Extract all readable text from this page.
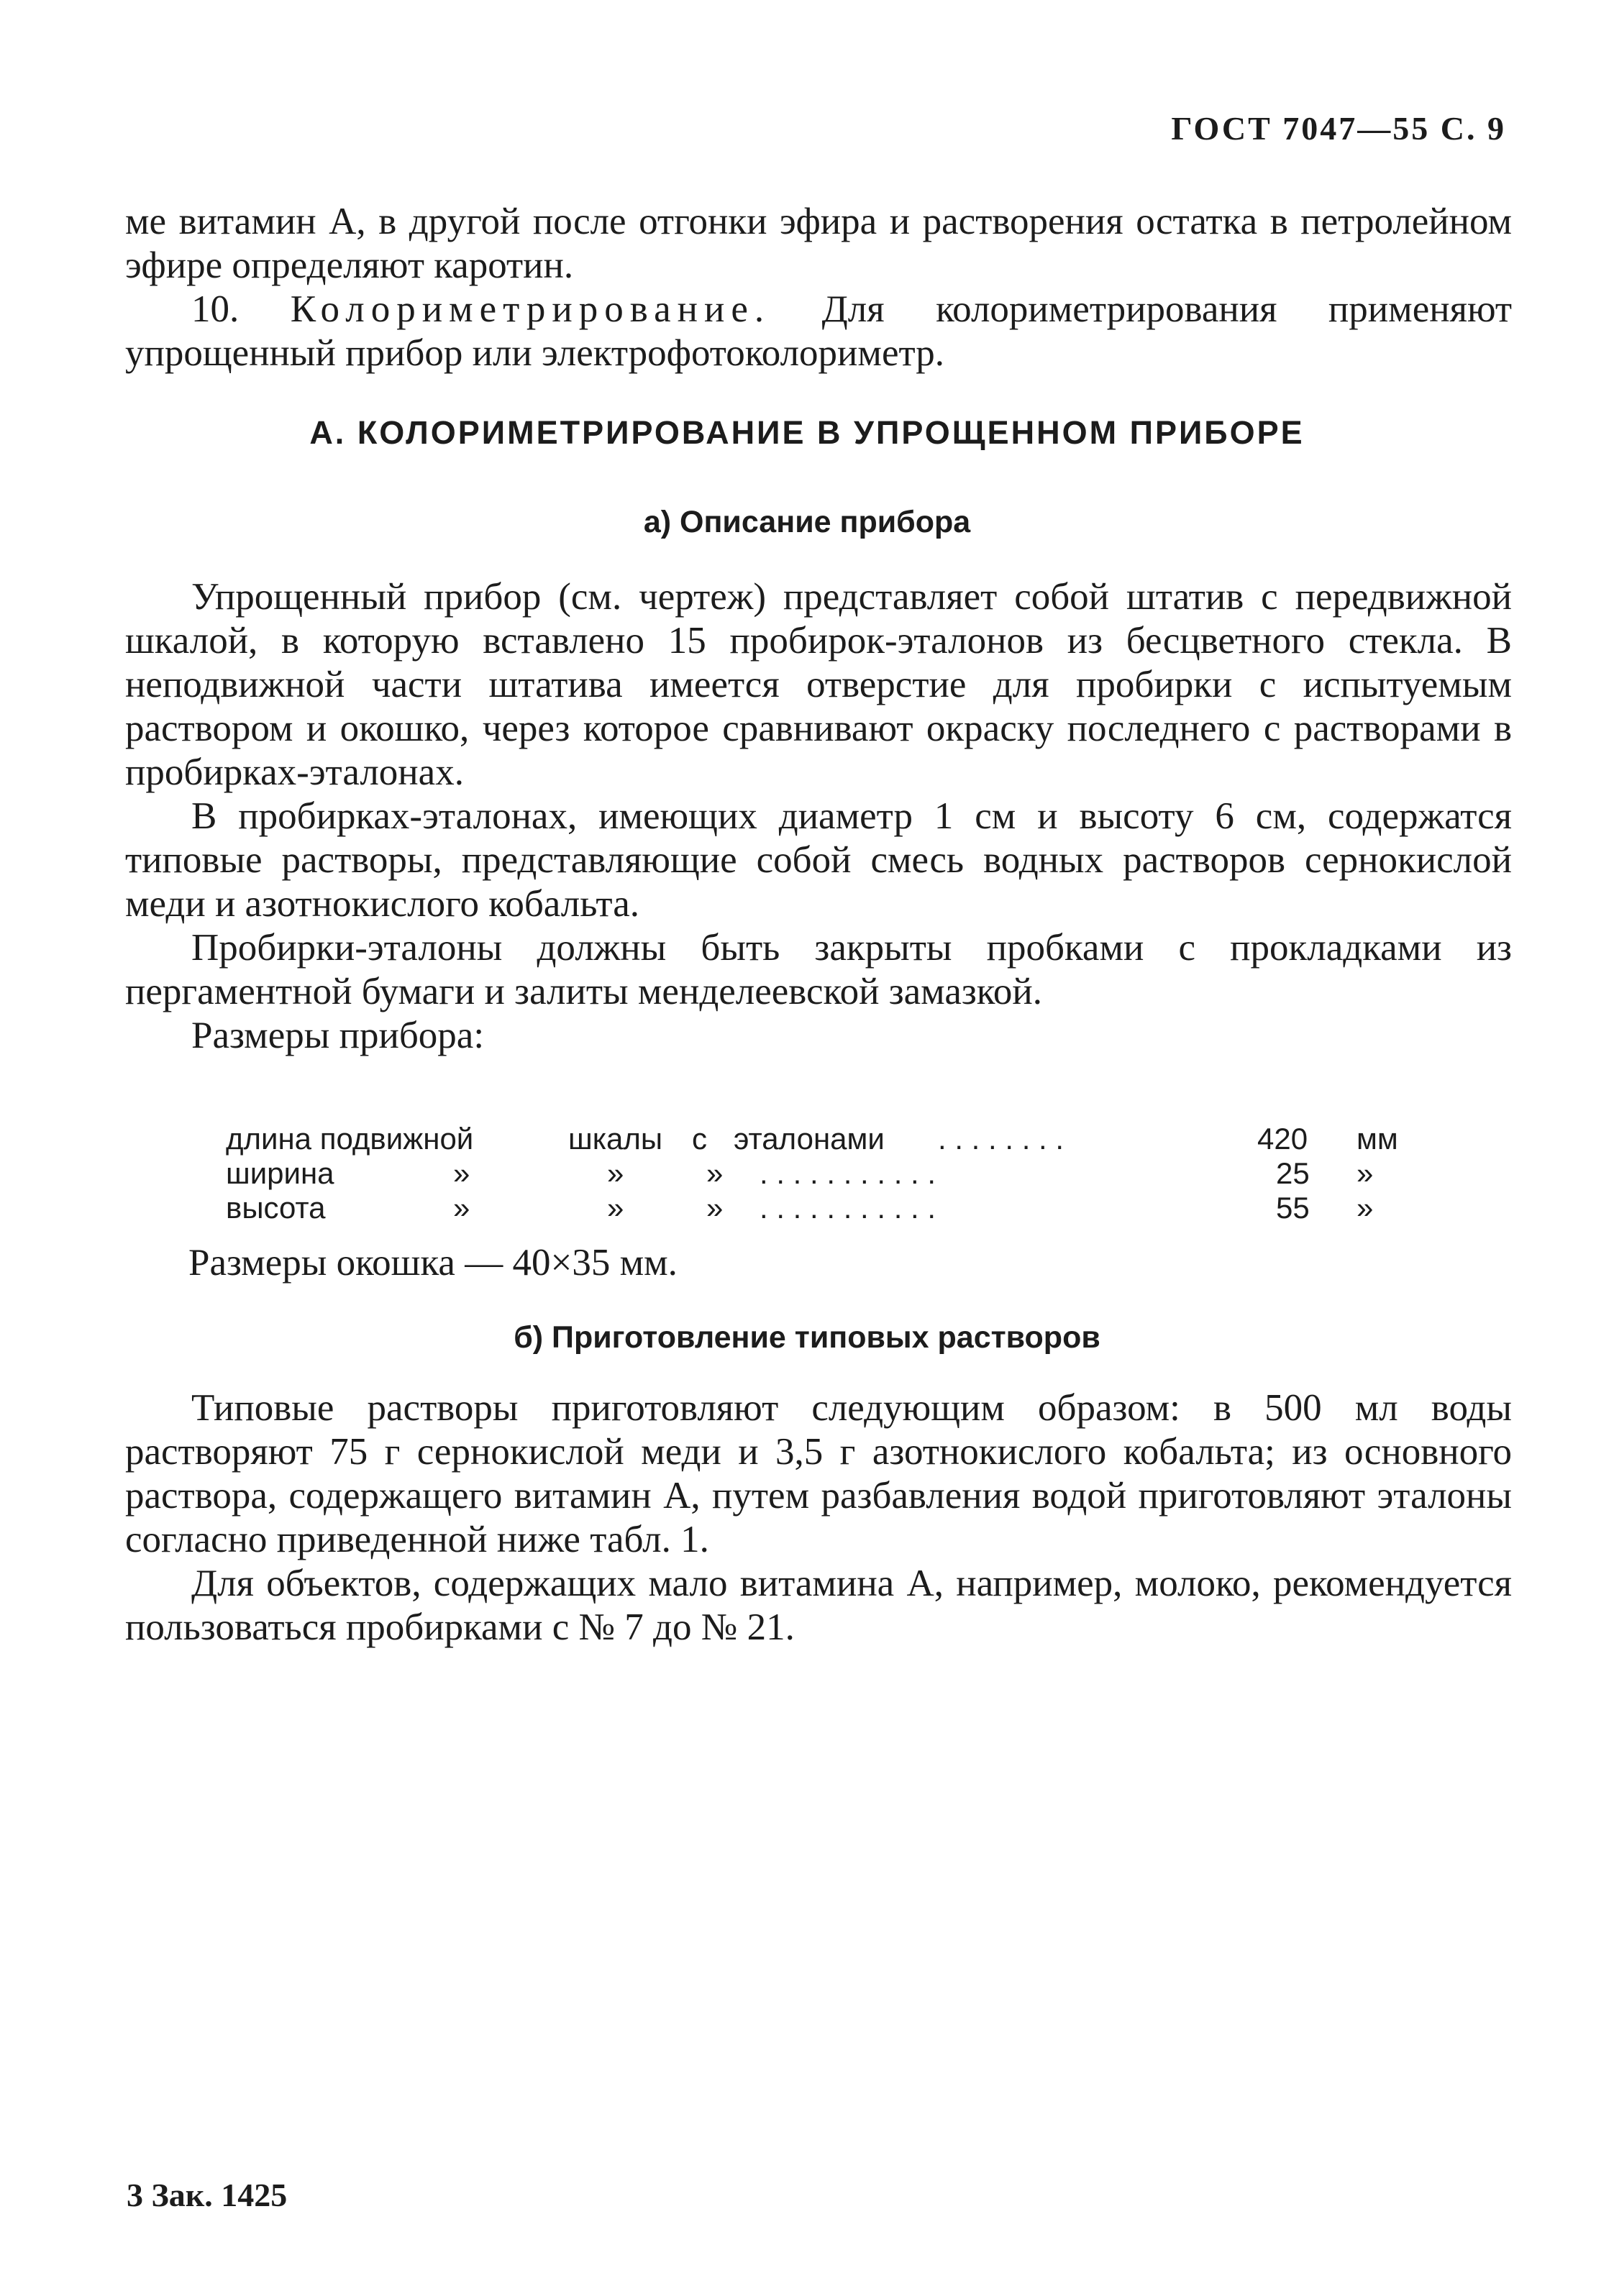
ГОСТ 7047—55 С. 9

ме витамин А, в другой после отгонки эфира и растворения остатка в петролейном эфире определяют каротин.

10. Колориметрирование. Для колориметрирования применяют упрощенный прибор или электрофотоколориметр.

А. КОЛОРИМЕТРИРОВАНИЕ В УПРОЩЕННОМ ПРИБОРЕ
а) Описание прибора

Упрощенный прибор (см. чертеж) представляет собой штатив с передвижной шкалой, в которую вставлено 15 пробирок-эталонов из бесцветного стекла. В неподвижной части штатива имеется отверстие для пробирки с испытуемым раствором и окошко, через которое сравнивают окраску последнего с растворами в пробирках-эталонах.

В пробирках-эталонах, имеющих диаметр 1 см и высоту 6 см, содержатся типовые растворы, представляющие собой смесь водных растворов сернокислой меди и азотнокислого кобальта.

Пробирки-эталоны должны быть закрыты пробками с прокладками из пергаментной бумаги и залиты менделеевской замазкой.

Размеры прибора:

длина подвижной	шкалы с эталонами . . . . . . . .	420 мм
ширина	»	»	» . . . . . . . . . . .	25 »
высота	»	»	» . . . . . . . . . . .	55 »
Размеры окошка — 40×35 мм.
б) Приготовление типовых растворов

Типовые растворы приготовляют следующим образом: в 500 мл воды растворяют 75 г сернокислой меди и 3,5 г азотнокислого кобальта; из основного раствора, содержащего витамин А, путем разбавления водой приготовляют эталоны согласно приведенной ниже табл. 1.

Для объектов, содержащих мало витамина А, например, молоко, рекомендуется пользоваться пробирками с № 7 до № 21.

3 Зак. 1425
